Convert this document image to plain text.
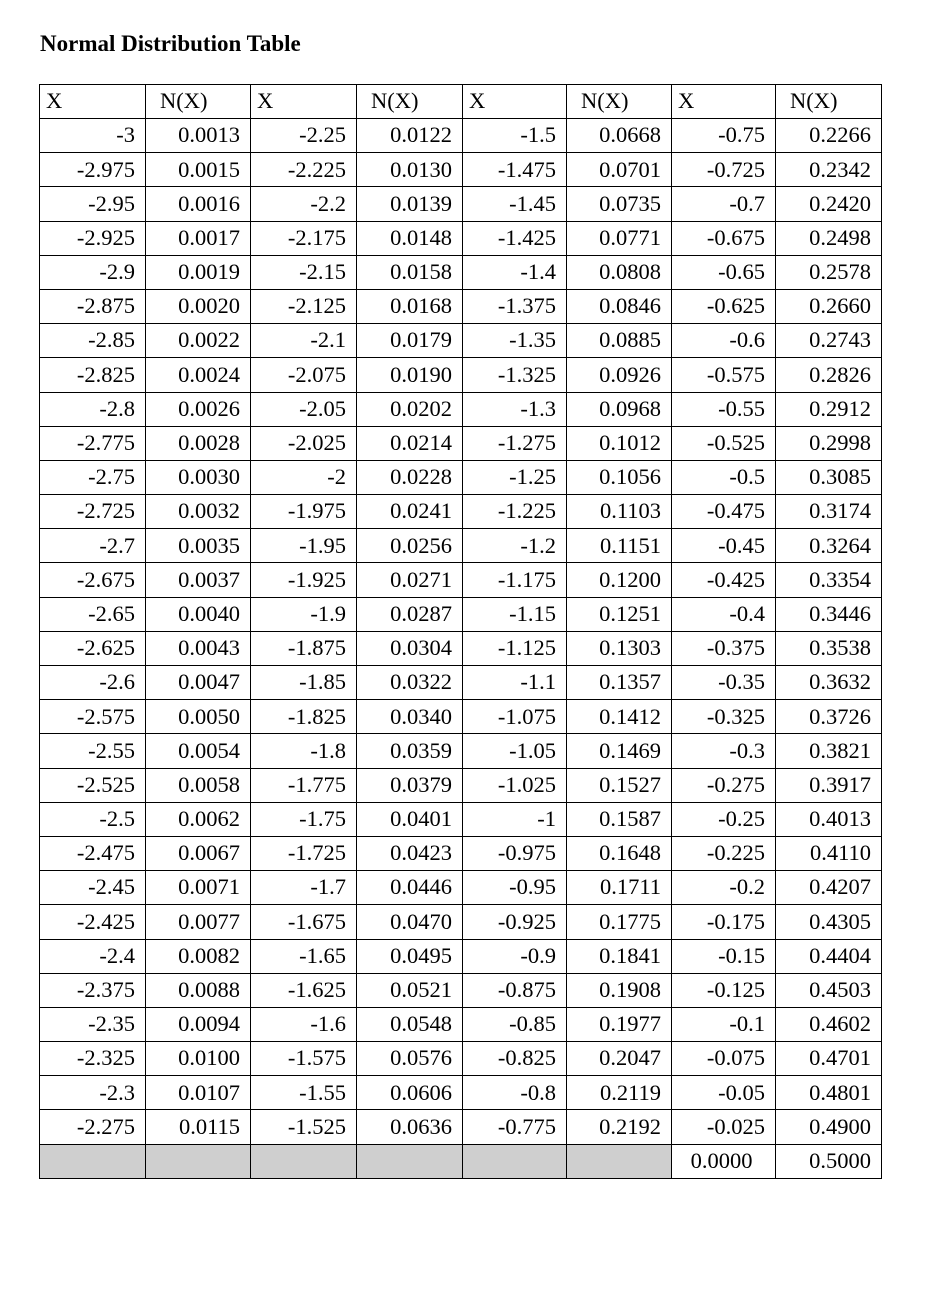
Normal Distribution Table
X	N(X)	X	N(X)	X	N(X)	X	N(X)
-3	0.0013	-2.25	0.0122	-1.5	0.0668	-0.75	0.2266
-2.975	0.0015	-2.225	0.0130	-1.475	0.0701	-0.725	0.2342
-2.95	0.0016	-2.2	0.0139	-1.45	0.0735	-0.7	0.2420
-2.925	0.0017	-2.175	0.0148	-1.425	0.0771	-0.675	0.2498
-2.9	0.0019	-2.15	0.0158	-1.4	0.0808	-0.65	0.2578
-2.875	0.0020	-2.125	0.0168	-1.375	0.0846	-0.625	0.2660
-2.85	0.0022	-2.1	0.0179	-1.35	0.0885	-0.6	0.2743
-2.825	0.0024	-2.075	0.0190	-1.325	0.0926	-0.575	0.2826
-2.8	0.0026	-2.05	0.0202	-1.3	0.0968	-0.55	0.2912
-2.775	0.0028	-2.025	0.0214	-1.275	0.1012	-0.525	0.2998
-2.75	0.0030	-2	0.0228	-1.25	0.1056	-0.5	0.3085
-2.725	0.0032	-1.975	0.0241	-1.225	0.1103	-0.475	0.3174
-2.7	0.0035	-1.95	0.0256	-1.2	0.1151	-0.45	0.3264
-2.675	0.0037	-1.925	0.0271	-1.175	0.1200	-0.425	0.3354
-2.65	0.0040	-1.9	0.0287	-1.15	0.1251	-0.4	0.3446
-2.625	0.0043	-1.875	0.0304	-1.125	0.1303	-0.375	0.3538
-2.6	0.0047	-1.85	0.0322	-1.1	0.1357	-0.35	0.3632
-2.575	0.0050	-1.825	0.0340	-1.075	0.1412	-0.325	0.3726
-2.55	0.0054	-1.8	0.0359	-1.05	0.1469	-0.3	0.3821
-2.525	0.0058	-1.775	0.0379	-1.025	0.1527	-0.275	0.3917
-2.5	0.0062	-1.75	0.0401	-1	0.1587	-0.25	0.4013
-2.475	0.0067	-1.725	0.0423	-0.975	0.1648	-0.225	0.4110
-2.45	0.0071	-1.7	0.0446	-0.95	0.1711	-0.2	0.4207
-2.425	0.0077	-1.675	0.0470	-0.925	0.1775	-0.175	0.4305
-2.4	0.0082	-1.65	0.0495	-0.9	0.1841	-0.15	0.4404
-2.375	0.0088	-1.625	0.0521	-0.875	0.1908	-0.125	0.4503
-2.35	0.0094	-1.6	0.0548	-0.85	0.1977	-0.1	0.4602
-2.325	0.0100	-1.575	0.0576	-0.825	0.2047	-0.075	0.4701
-2.3	0.0107	-1.55	0.0606	-0.8	0.2119	-0.05	0.4801
-2.275	0.0115	-1.525	0.0636	-0.775	0.2192	-0.025	0.4900
						0.0000	0.5000
